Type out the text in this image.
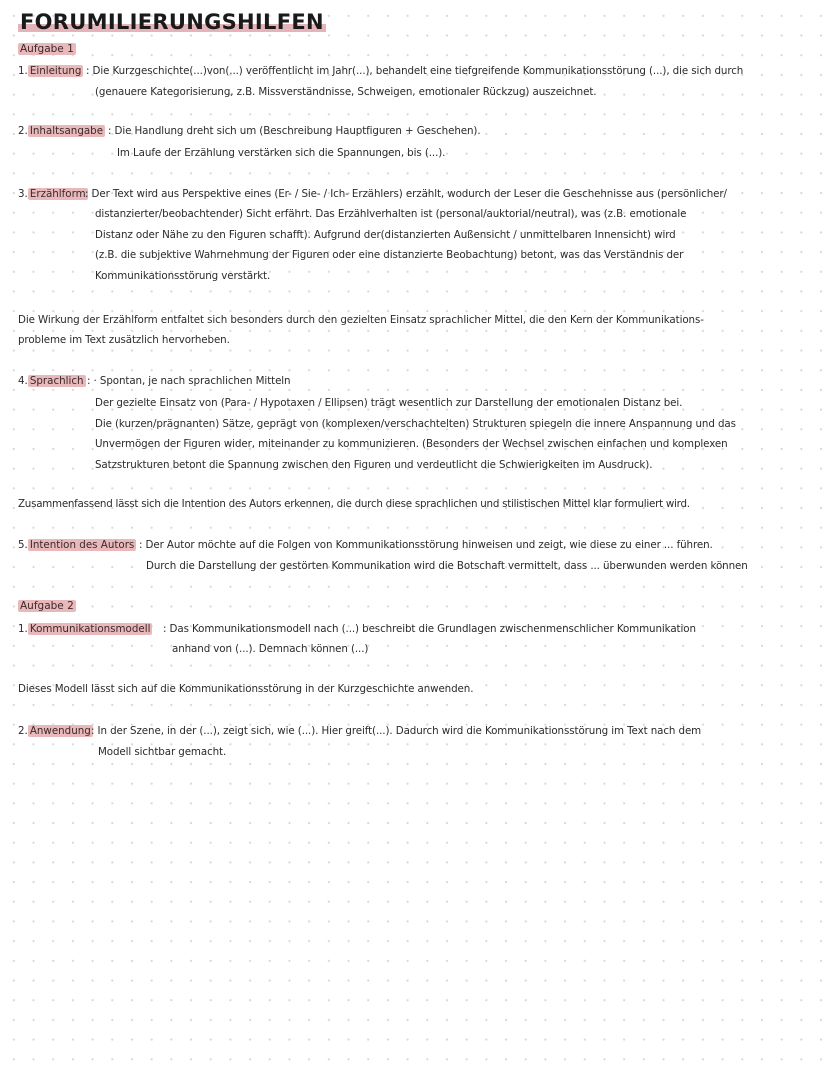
FORUMILIERUNGSHILFEN
Aufgabe 1
1. Einleitung : Die Kurzgeschichte(...)von(...) veröffentlicht im Jahr(...), behandelt eine tiefgreifende Kommunikationsstörung (...), die sich durch
(genauere Kategorisierung, z.B. Missverständnisse, Schweigen, emotionaler Rückzug) auszeichnet.
2. Inhaltsangabe : Die Handlung dreht sich um (Beschreibung Hauptfiguren + Geschehen).
Im Laufe der Erzählung verstärken sich die Spannungen, bis (...).
3. Erzählform : Der Text wird aus Perspektive eines (Er- / Sie- / Ich- Erzählers) erzählt, wodurch der Leser die Geschehnisse aus (persönlicher/
distanzierter/beobachtender) Sicht erfährt. Das Erzählverhalten ist (personal/auktorial/neutral), was (z.B. emotionale
Distanz oder Nähe zu den Figuren schafft). Aufgrund der(distanzierten Außensicht / unmittelbaren Innensicht) wird
(z.B. die subjektive Wahrnehmung der Figuren oder eine distanzierte Beobachtung) betont, was das Verständnis der
Kommunikationsstörung verstärkt.
Die Wirkung der Erzählform entfaltet sich besonders durch den gezielten Einsatz sprachlicher Mittel, die den Kern der Kommunikations-
probleme im Text zusätzlich hervorheben.
4. Sprachlich : · Spontan, je nach sprachlichen Mitteln
Der gezielte Einsatz von (Para- / Hypotaxen / Ellipsen) trägt wesentlich zur Darstellung der emotionalen Distanz bei.
Die (kurzen/prägnanten) Sätze, geprägt von (komplexen/verschachtelten) Strukturen spiegeln die innere Anspannung und das
Unvermögen der Figuren wider, miteinander zu kommunizieren. (Besonders der Wechsel zwischen einfachen und komplexen
Satzstrukturen betont die Spannung zwischen den Figuren und verdeutlicht die Schwierigkeiten im Ausdruck).
Zusammenfassend lässt sich die Intention des Autors erkennen, die durch diese sprachlichen und stilistischen Mittel klar formuliert wird.
5. Intention des Autors : Der Autor möchte auf die Folgen von Kommunikationsstörung hinweisen und zeigt, wie diese zu einer ... führen.
Durch die Darstellung der gestörten Kommunikation wird die Botschaft vermittelt, dass ... überwunden werden können
Aufgabe 2
1. Kommunikationsmodell : Das Kommunikationsmodell nach (...) beschreibt die Grundlagen zwischenmenschlicher Kommunikation
anhand von (...). Demnach können (...)
Dieses Modell lässt sich auf die Kommunikationsstörung in der Kurzgeschichte anwenden.
2. Anwendung : In der Szene, in der (...), zeigt sich, wie (...). Hier greift(...). Dadurch wird die Kommunikationsstörung im Text nach dem
Modell sichtbar gemacht.
